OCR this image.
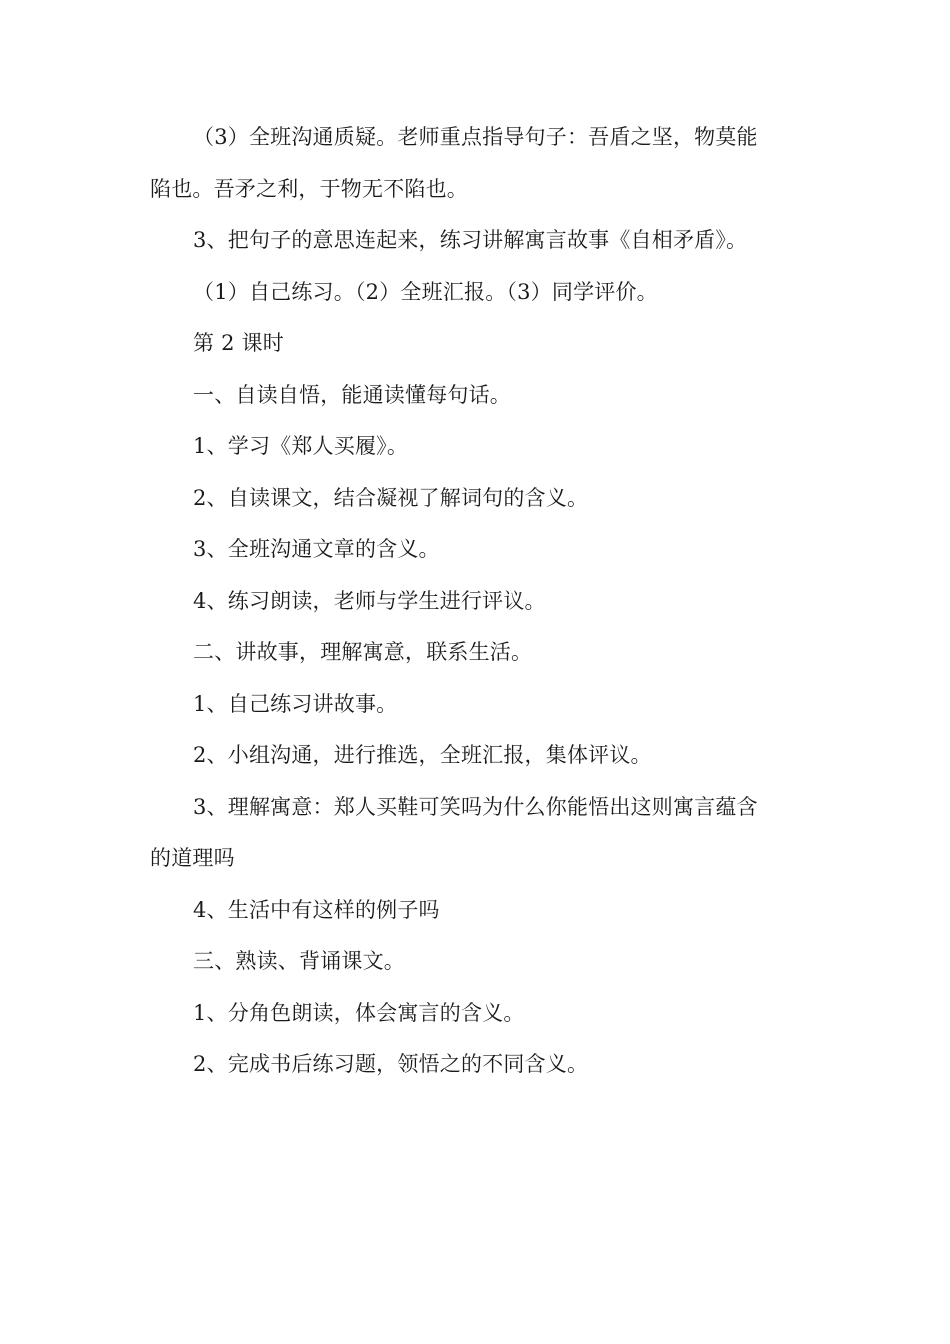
（3）全班沟通质疑。老师重点指导句子：吾盾之坚，物莫能
陷也。吾矛之利，于物无不陷也。
3、把句子的意思连起来，练习讲解寓言故事《自相矛盾》。
（1）自己练习。（2）全班汇报。（3）同学评价。
第 2 课时
一、自读自悟，能通读懂每句话。
1、学习《郑人买履》。
2、自读课文，结合凝视了解词句的含义。
3、全班沟通文章的含义。
4、练习朗读，老师与学生进行评议。
二、讲故事，理解寓意，联系生活。
1、自己练习讲故事。
2、小组沟通，进行推选，全班汇报，集体评议。
3、理解寓意：郑人买鞋可笑吗为什么你能悟出这则寓言蕴含
的道理吗
4、生活中有这样的例子吗
三、熟读、背诵课文。
1、分角色朗读，体会寓言的含义。
2、完成书后练习题，领悟之的不同含义。
